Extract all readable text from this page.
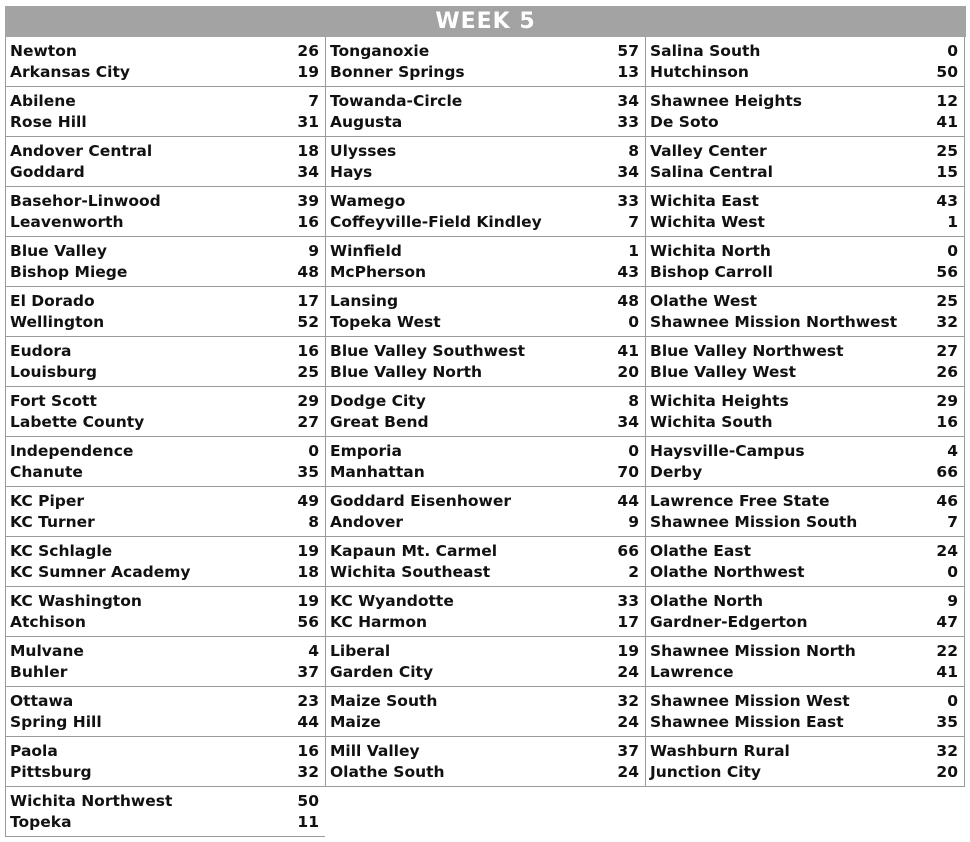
WEEK 5
Newton	26
Arkansas City	19
Abilene	7
Rose Hill	31
Andover Central	18
Goddard	34
Basehor-Linwood	39
Leavenworth	16
Blue Valley	9
Bishop Miege	48
El Dorado	17
Wellington	52
Eudora	16
Louisburg	25
Fort Scott	29
Labette County	27
Independence	0
Chanute	35
KC Piper	49
KC Turner	8
KC Schlagle	19
KC Sumner Academy	18
KC Washington	19
Atchison	56
Mulvane	4
Buhler	37
Ottawa	23
Spring Hill	44
Paola	16
Pittsburg	32
Wichita Northwest	50
Topeka	11
Tonganoxie	57
Bonner Springs	13
Towanda-Circle	34
Augusta	33
Ulysses	8
Hays	34
Wamego	33
Coffeyville-Field Kindley	7
Winfield	1
McPherson	43
Lansing	48
Topeka West	0
Blue Valley Southwest	41
Blue Valley North	20
Dodge City	8
Great Bend	34
Emporia	0
Manhattan	70
Goddard Eisenhower	44
Andover	9
Kapaun Mt. Carmel	66
Wichita Southeast	2
KC Wyandotte	33
KC Harmon	17
Liberal	19
Garden City	24
Maize South	32
Maize	24
Mill Valley	37
Olathe South	24
Salina South	0
Hutchinson	50
Shawnee Heights	12
De Soto	41
Valley Center	25
Salina Central	15
Wichita East	43
Wichita West	1
Wichita North	0
Bishop Carroll	56
Olathe West	25
Shawnee Mission Northwest	32
Blue Valley Northwest	27
Blue Valley West	26
Wichita Heights	29
Wichita South	16
Haysville-Campus	4
Derby	66
Lawrence Free State	46
Shawnee Mission South	7
Olathe East	24
Olathe Northwest	0
Olathe North	9
Gardner-Edgerton	47
Shawnee Mission North	22
Lawrence	41
Shawnee Mission West	0
Shawnee Mission East	35
Washburn Rural	32
Junction City	20
